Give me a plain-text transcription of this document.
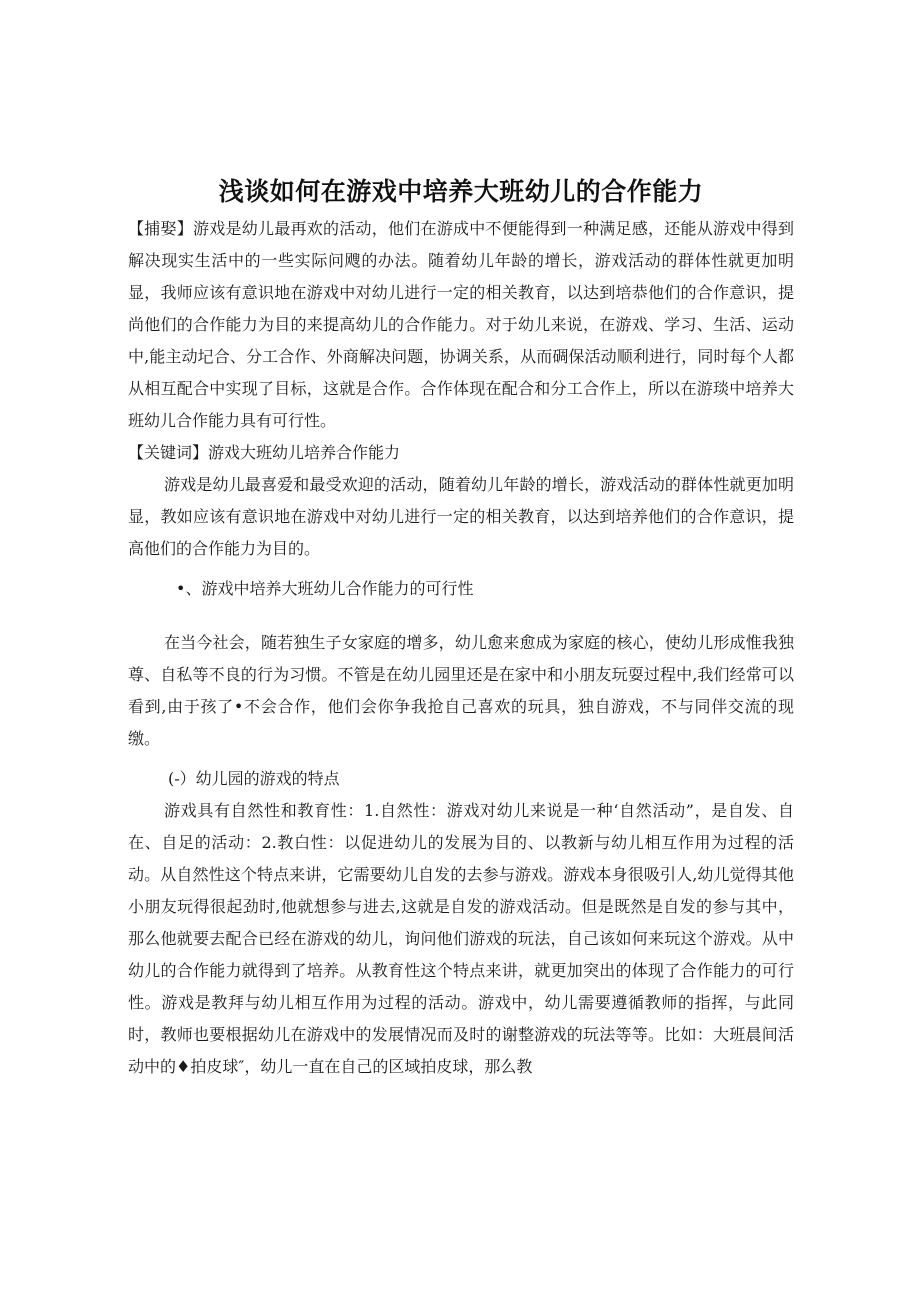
浅谈如何在游戏中培养大班幼儿的合作能力

【捕娶】游戏是幼儿最再欢的活动，他们在游成中不便能得到一种满足感，还能从游戏中得到解决现实生活中的一些实际问飕的办法。随着幼儿年龄的增长，游戏活动的群体性就更加明显，我师应该有意识地在游戏中对幼儿进行一定的相关教育，以达到培恭他们的合作意识，提尚他们的合作能力为目的来提高幼儿的合作能力。对于幼儿来说，在游戏、学习、生活、运动中,能主动圮合、分工合作、外商解决问题，协调关系，从而碉保活动顺利进行，同时每个人都从相互配合中实现了目标，这就是合作。合作体现在配合和分工合作上，所以在游琰中培养大班幼儿合作能力具有可行性。

【关键词】游戏大班幼儿培养合作能力

游戏是幼儿最喜爱和最受欢迎的活动，随着幼儿年龄的增长，游戏活动的群体性就更加明显，教如应该有意识地在游戏中对幼儿进行一定的相关教育，以达到培养他们的合作意识，提高他们的合作能力为目的。

•、游戏中培养大班幼儿合作能力的可行性

在当今社会，随若独生子女家庭的增多，幼儿愈来愈成为家庭的核心，使幼儿形成惟我独尊、自私等不良的行为习惯。不管是在幼儿园里还是在家中和小朋友玩耍过程中,我们经常可以看到,由于孩了•不会合作，他们会你争我抢自己喜欢的玩具，独自游戏，不与同伴交流的现缴。

(-）幼儿园的游戏的特点

游戏具有自然性和教育性：1.自然性：游戏对幼儿来说是一种‘自然活动”，是自发、自在、自足的活动：2.教白性：以促进幼儿的发展为目的、以教新与幼儿相互作用为过程的活动。从自然性这个特点来讲，它需要幼儿自发的去参与游戏。游戏本身很吸引人,幼儿觉得其他小朋友玩得很起劲时,他就想参与进去,这就是自发的游戏活动。但是既然是自发的参与其中，那么他就要去配合已经在游戏的幼儿，询问他们游戏的玩法，自己该如何来玩这个游戏。从中幼儿的合作能力就得到了培养。从教育性这个特点来讲，就更加突出的体现了合作能力的可行性。游戏是教拜与幼儿相互作用为过程的活动。游戏中，幼儿需要遵循教师的指挥，与此同时，教师也要根据幼儿在游戏中的发展情况而及时的谢整游戏的玩法等等。比如：大班晨间活动中的♦拍皮球″，幼儿一直在自己的区域拍皮球，那么教
